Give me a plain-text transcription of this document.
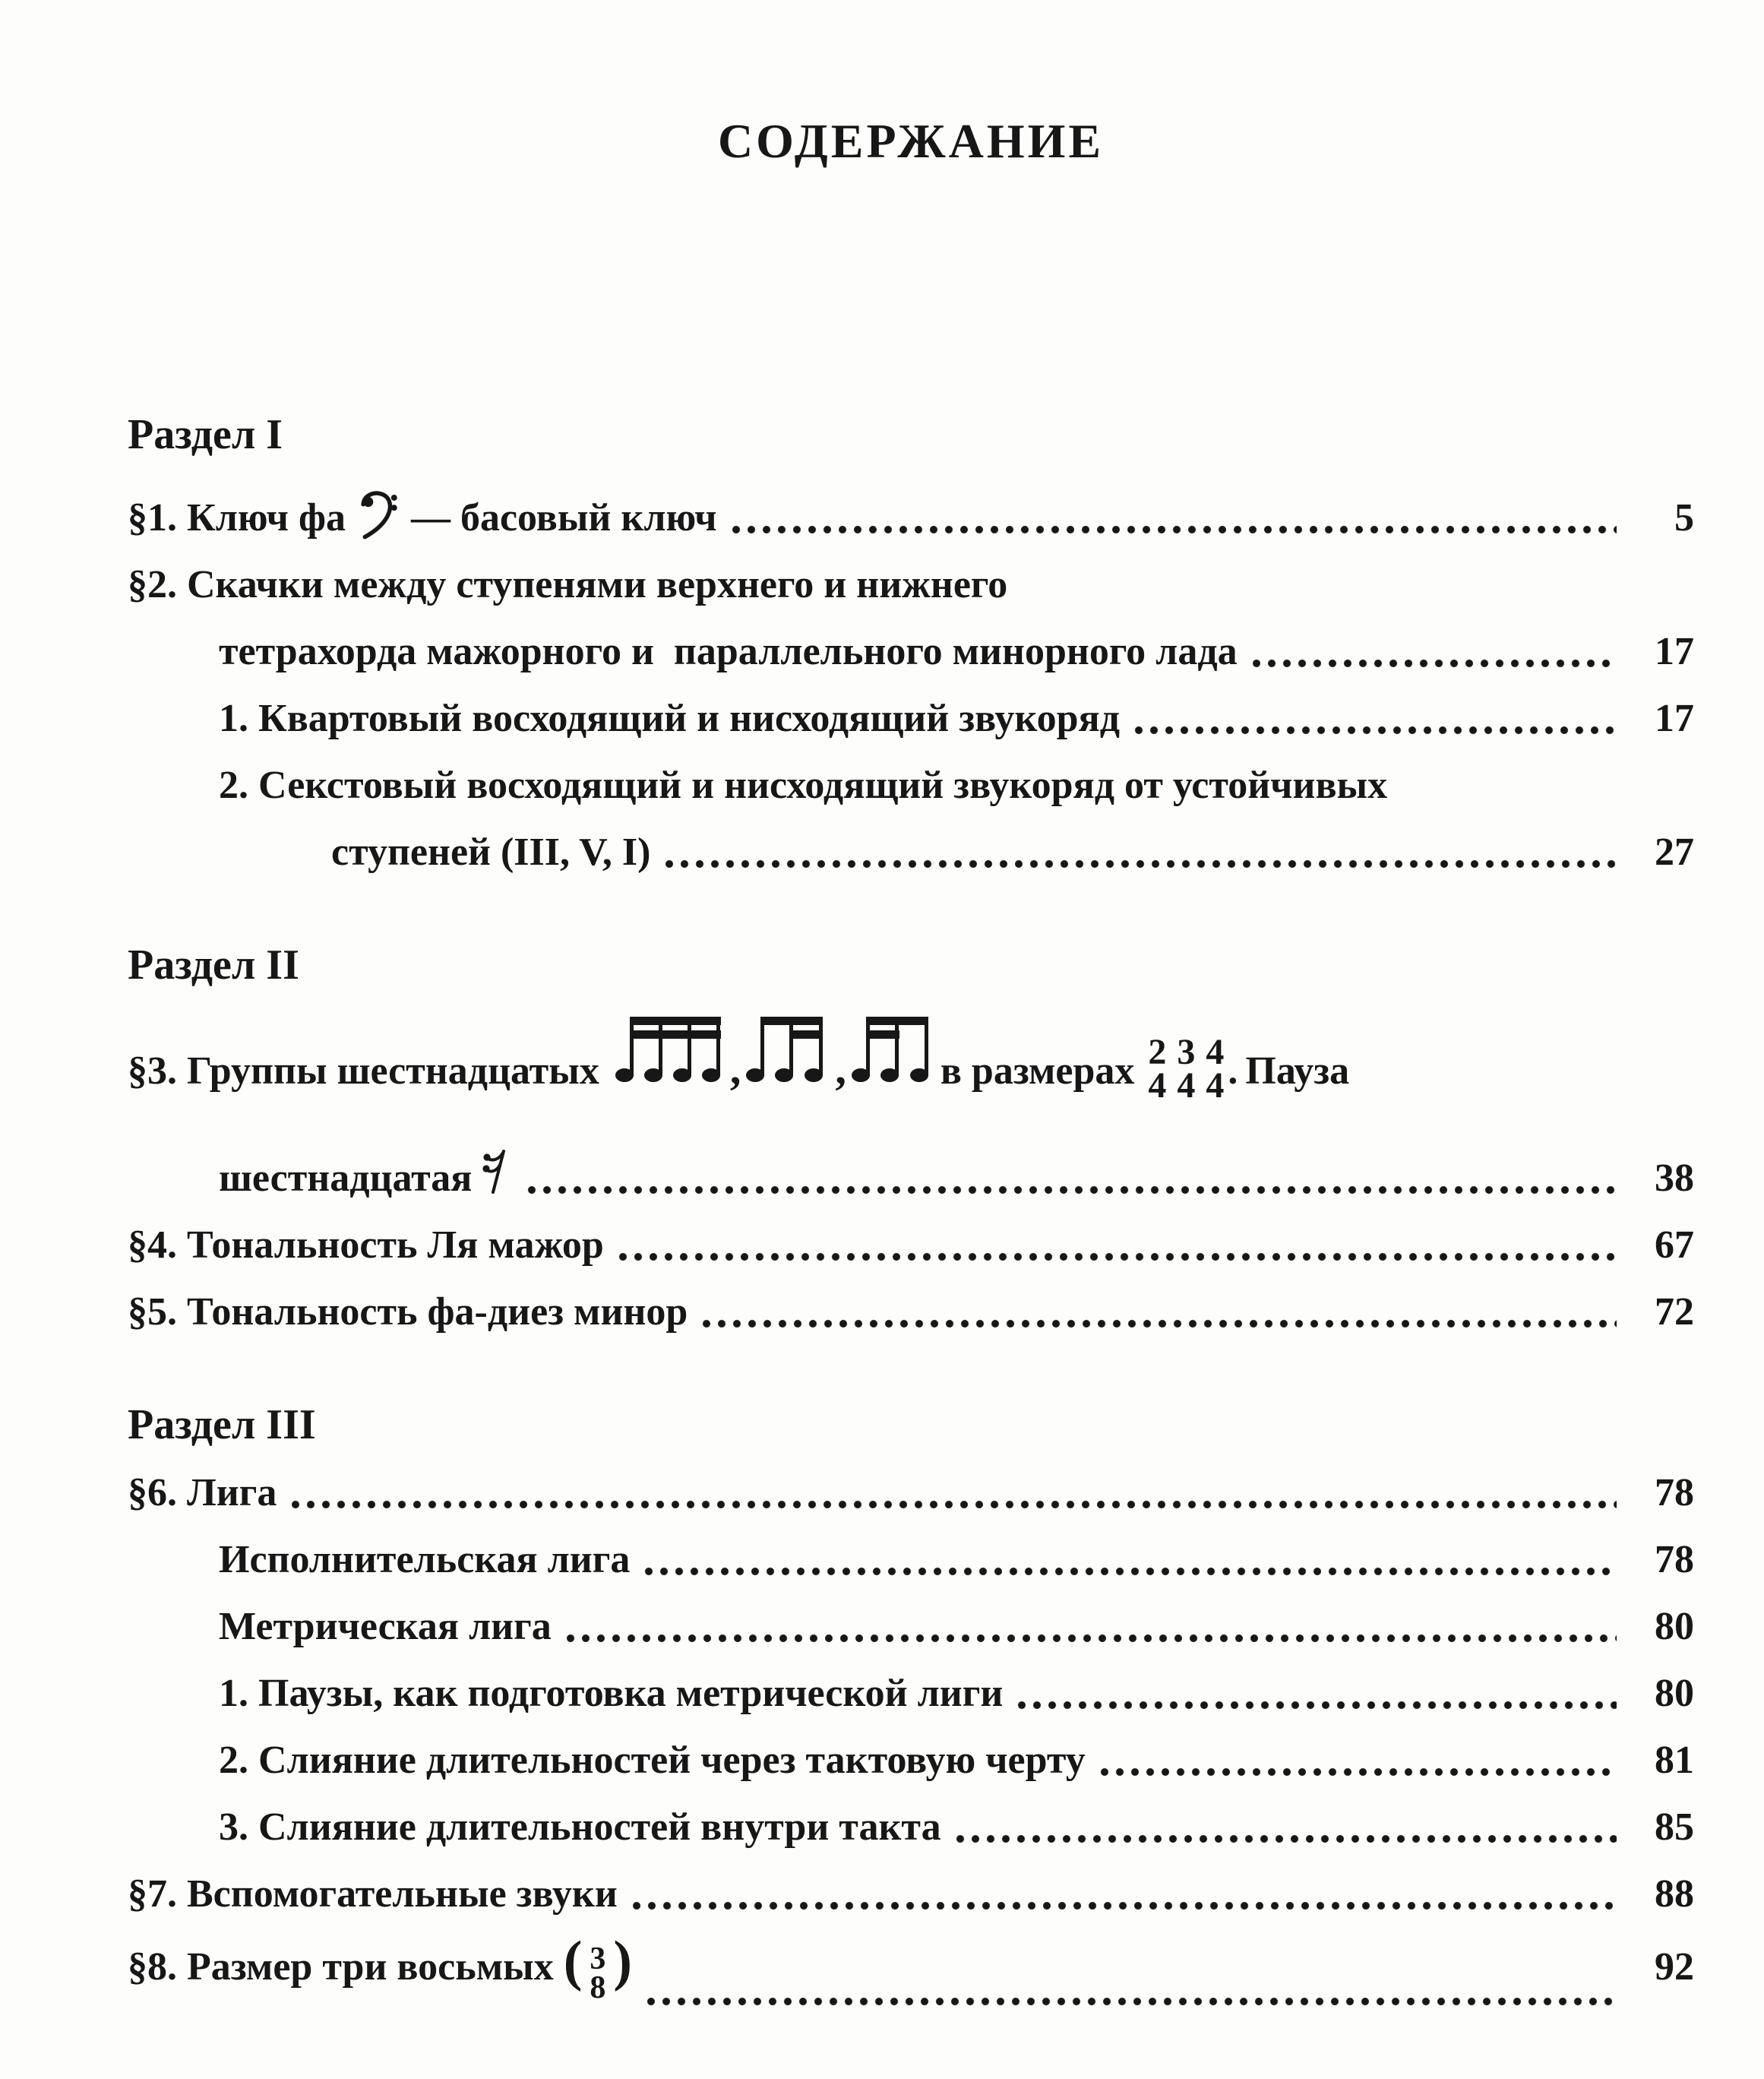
СОДЕРЖАНИЕ
Раздел I
§1. Ключ фа — басовый ключ	5
§2. Скачки между ступенями верхнего и нижнего
тетрахорда мажорного и  параллельного минорного лада	17
1. Квартовый восходящий и нисходящий звукоряд	17
2. Секстовый восходящий и нисходящий звукоряд от устойчивых
ступеней (III, V, I)	27
Раздел II
§3. Группы шестнадцатых	, , в размерах 2
4
3
4
4
4 . Пауза
шестнадцатая	38
§4. Тональность Ля мажор	67
§5. Тональность фа-диез минор	72
Раздел III
§6. Лига	78
Исполнительская лига	78
Метрическая лига	80
1. Паузы, как подготовка метрической лиги	80
2. Слияние длительностей через тактовую черту	81
3. Слияние длительностей внутри такта	85
§7. Вспомогательные звуки	88
§8. Размер три восьмых
( 3
8 )	92
